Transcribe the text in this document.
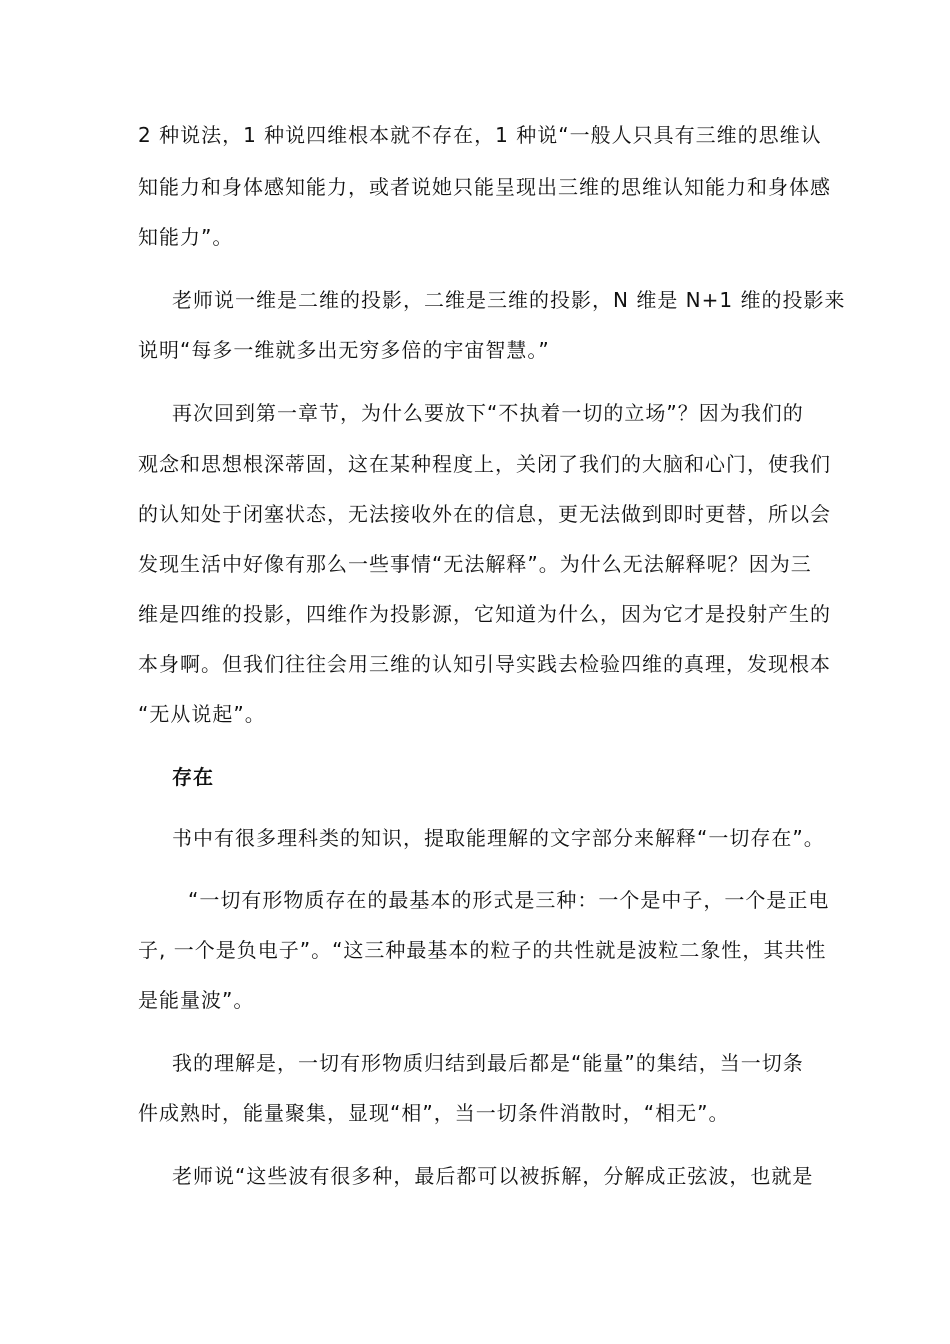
2 种说法，1 种说四维根本就不存在，1 种说“一般人只具有三维的思维认
知能力和身体感知能力，或者说她只能呈现出三维的思维认知能力和身体感
知能力”。
老师说一维是二维的投影，二维是三维的投影，N 维是 N+1 维的投影来
说明“每多一维就多出无穷多倍的宇宙智慧。”
再次回到第一章节，为什么要放下“不执着一切的立场”？因为我们的
观念和思想根深蒂固，这在某种程度上，关闭了我们的大脑和心门，使我们
的认知处于闭塞状态，无法接收外在的信息，更无法做到即时更替，所以会
发现生活中好像有那么一些事情“无法解释”。为什么无法解释呢？因为三
维是四维的投影，四维作为投影源，它知道为什么，因为它才是投射产生的
本身啊。但我们往往会用三维的认知引导实践去检验四维的真理，发现根本
“无从说起”。
存在
书中有很多理科类的知识，提取能理解的文字部分来解释“一切存在”。
“一切有形物质存在的最基本的形式是三种：一个是中子，一个是正电
子, 一个是负电子”。“这三种最基本的粒子的共性就是波粒二象性，其共性
是能量波”。
我的理解是，一切有形物质归结到最后都是“能量”的集结，当一切条
件成熟时，能量聚集，显现“相”，当一切条件消散时，“相无”。
老师说“这些波有很多种，最后都可以被拆解，分解成正弦波，也就是
